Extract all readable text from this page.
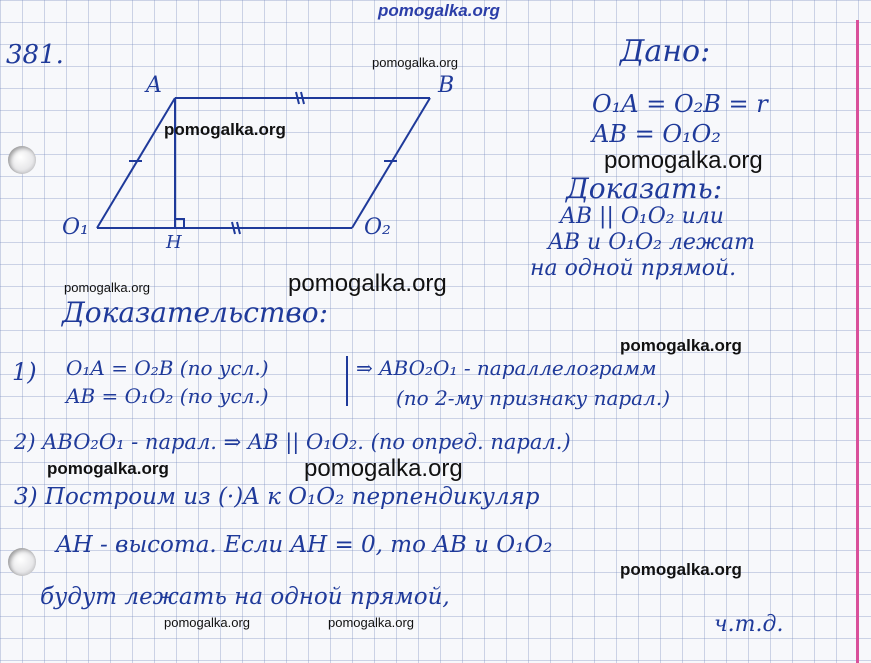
pomogalka.org

381.

A	B
O₁	O₂
H

Дано:

O₁A = O₂B = r

AB = O₁O₂

Доказать:

AB || O₁O₂ или

AB и O₁O₂ лежат

на одной прямой.

Доказательство:

1) O₁A = O₂B (по усл.)

AB = O₁O₂ (по усл.)

⇒ ABO₂O₁ - параллелограмм

(по 2-му признаку парал.)

2) ABO₂O₁ - парал. ⇒ AB || O₁O₂. (по опред. парал.)

3) Построим из (·)A к O₁O₂ перпендикуляр

AH - высота. Если AH = 0, то AB и O₁O₂

будут лежать на одной прямой,

ч.т.д.

pomogalka.org

pomogalka.org

pomogalka.org

pomogalka.org	pomogalka.org

pomogalka.org

pomogalka.org	pomogalka.org

pomogalka.org

pomogalka.org	pomogalka.org
